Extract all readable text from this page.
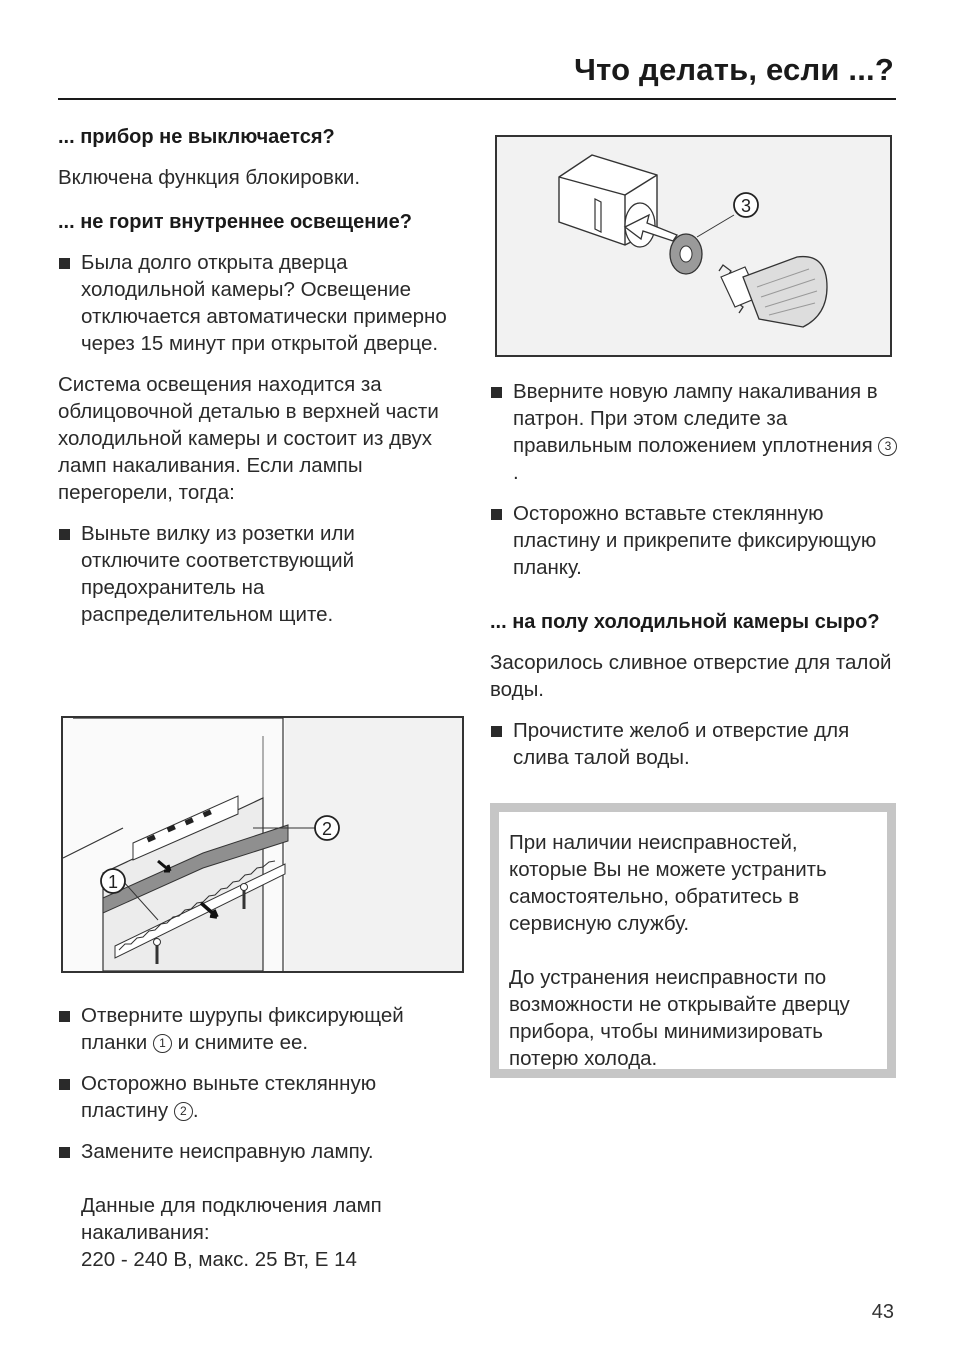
Что делать, если ...?

... прибор не выключается?

Включена функция блокировки.

... не горит внутреннее освещение?

Была долго открыта дверца холодильной камеры? Освещение отключается автоматически примерно через 15 минут при открытой дверце.

Система освещения находится за облицовочной деталью в верхней части холодильной камеры и состоит из двух ламп накаливания. Если лампы перегорели, тогда:

Выньте вилку из розетки или отключите соответствующий предохранитель на распределительном щите.

1
2

Отверните шурупы фиксирующей планки 1 и снимите ее.

Осторожно выньте стеклянную пластину 2 .

Замените неисправную лампу.

Данные для подключения ламп накаливания:

220 - 240 В, макс. 25 Вт, E 14

3

Вверните новую лампу накаливания в патрон. При этом следите за правильным положением уплотнения 3.

Осторожно вставьте стеклянную пластину и прикрепите фиксирующую планку.

... на полу холодильной камеры сыро?

Засорилось сливное отверстие для талой воды.

Прочистите желоб и отверстие для слива талой воды.

При наличии неисправностей, которые Вы не можете устранить самостоятельно, обратитесь в сервисную службу.

До устранения неисправности по возможности не открывайте дверцу прибора, чтобы минимизировать потерю холода.

43
